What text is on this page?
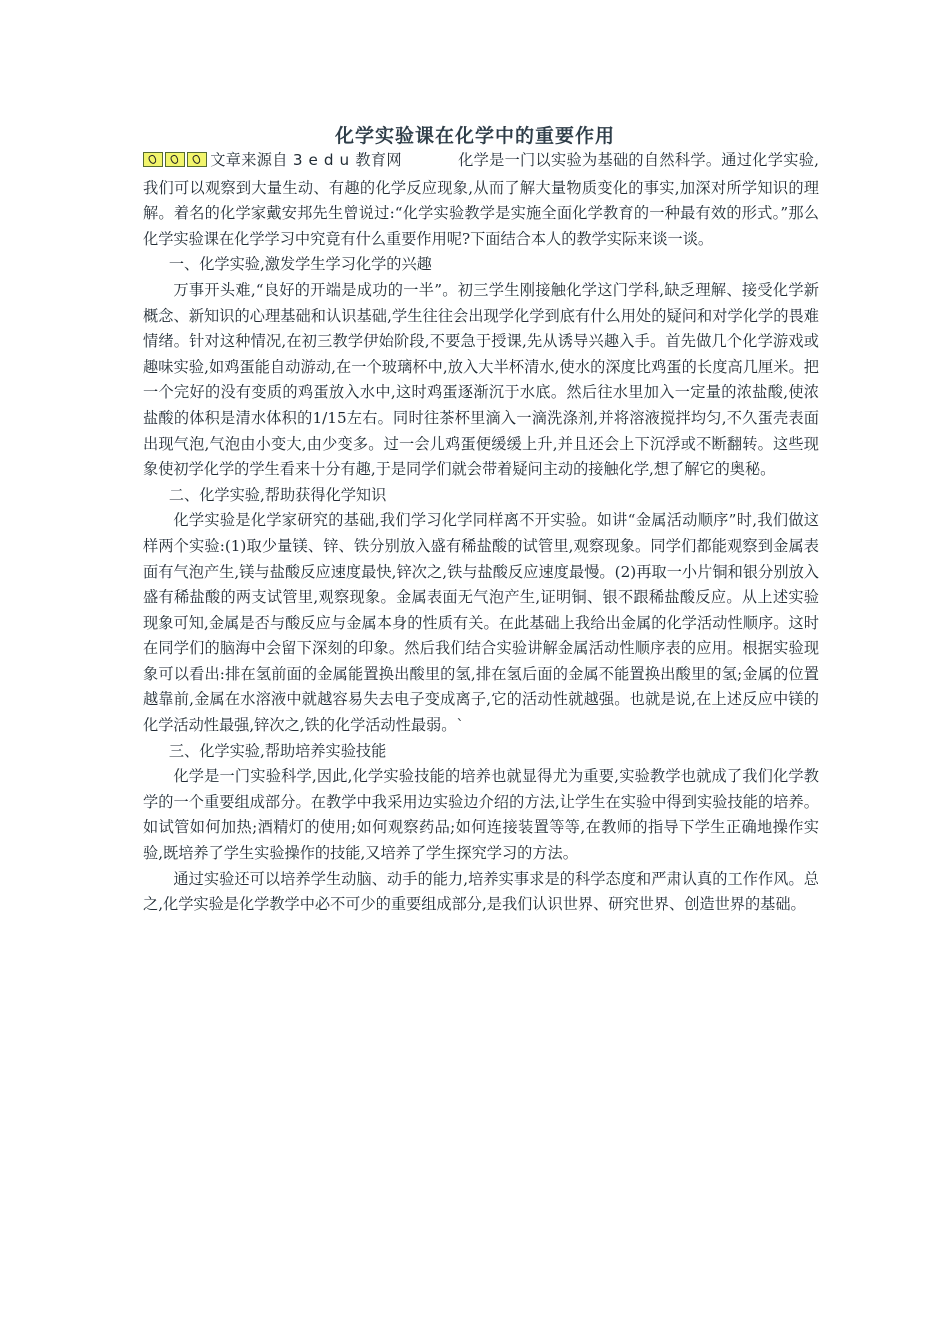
化学实验课在化学中的重要作用

文章来源自 3edu教育网	化学是一门以实验为基础的自然科学。通过化学实验,我们可以观察到大量生动、有趣的化学反应现象,从而了解大量物质变化的事实,加深对所学知识的理解。着名的化学家戴安邦先生曾说过:“化学实验教学是实施全面化学教育的一种最有效的形式。”那么化学实验课在化学学习中究竟有什么重要作用呢?下面结合本人的教学实际来谈一谈。

一、化学实验,激发学生学习化学的兴趣

万事开头难,“良好的开端是成功的一半”。初三学生刚接触化学这门学科,缺乏理解、接受化学新概念、新知识的心理基础和认识基础,学生往往会出现学化学到底有什么用处的疑问和对学化学的畏难情绪。针对这种情况,在初三教学伊始阶段,不要急于授课,先从诱导兴趣入手。首先做几个化学游戏或趣味实验,如鸡蛋能自动游动,在一个玻璃杯中,放入大半杯清水,使水的深度比鸡蛋的长度高几厘米。把一个完好的没有变质的鸡蛋放入水中,这时鸡蛋逐渐沉于水底。然后往水里加入一定量的浓盐酸,使浓盐酸的体积是清水体积的1/15左右。同时往茶杯里滴入一滴洗涤剂,并将溶液搅拌均匀,不久蛋壳表面出现气泡,气泡由小变大,由少变多。过一会儿鸡蛋便缓缓上升,并且还会上下沉浮或不断翻转。这些现象使初学化学的学生看来十分有趣,于是同学们就会带着疑问主动的接触化学,想了解它的奥秘。

二、化学实验,帮助获得化学知识

化学实验是化学家研究的基础,我们学习化学同样离不开实验。如讲“金属活动顺序”时,我们做这样两个实验:(1)取少量镁、锌、铁分别放入盛有稀盐酸的试管里,观察现象。同学们都能观察到金属表面有气泡产生,镁与盐酸反应速度最快,锌次之,铁与盐酸反应速度最慢。(2)再取一小片铜和银分别放入盛有稀盐酸的两支试管里,观察现象。金属表面无气泡产生,证明铜、银不跟稀盐酸反应。从上述实验现象可知,金属是否与酸反应与金属本身的性质有关。在此基础上我给出金属的化学活动性顺序。这时在同学们的脑海中会留下深刻的印象。然后我们结合实验讲解金属活动性顺序表的应用。根据实验现象可以看出:排在氢前面的金属能置换出酸里的氢,排在氢后面的金属不能置换出酸里的氢;金属的位置越靠前,金属在水溶液中就越容易失去电子变成离子,它的活动性就越强。也就是说,在上述反应中镁的化学活动性最强,锌次之,铁的化学活动性最弱。`

三、化学实验,帮助培养实验技能

化学是一门实验科学,因此,化学实验技能的培养也就显得尤为重要,实验教学也就成了我们化学教学的一个重要组成部分。在教学中我采用边实验边介绍的方法,让学生在实验中得到实验技能的培养。如试管如何加热;酒精灯的使用;如何观察药品;如何连接装置等等,在教师的指导下学生正确地操作实验,既培养了学生实验操作的技能,又培养了学生探究学习的方法。

通过实验还可以培养学生动脑、动手的能力,培养实事求是的科学态度和严肃认真的工作作风。总之,化学实验是化学教学中必不可少的重要组成部分,是我们认识世界、研究世界、创造世界的基础。
